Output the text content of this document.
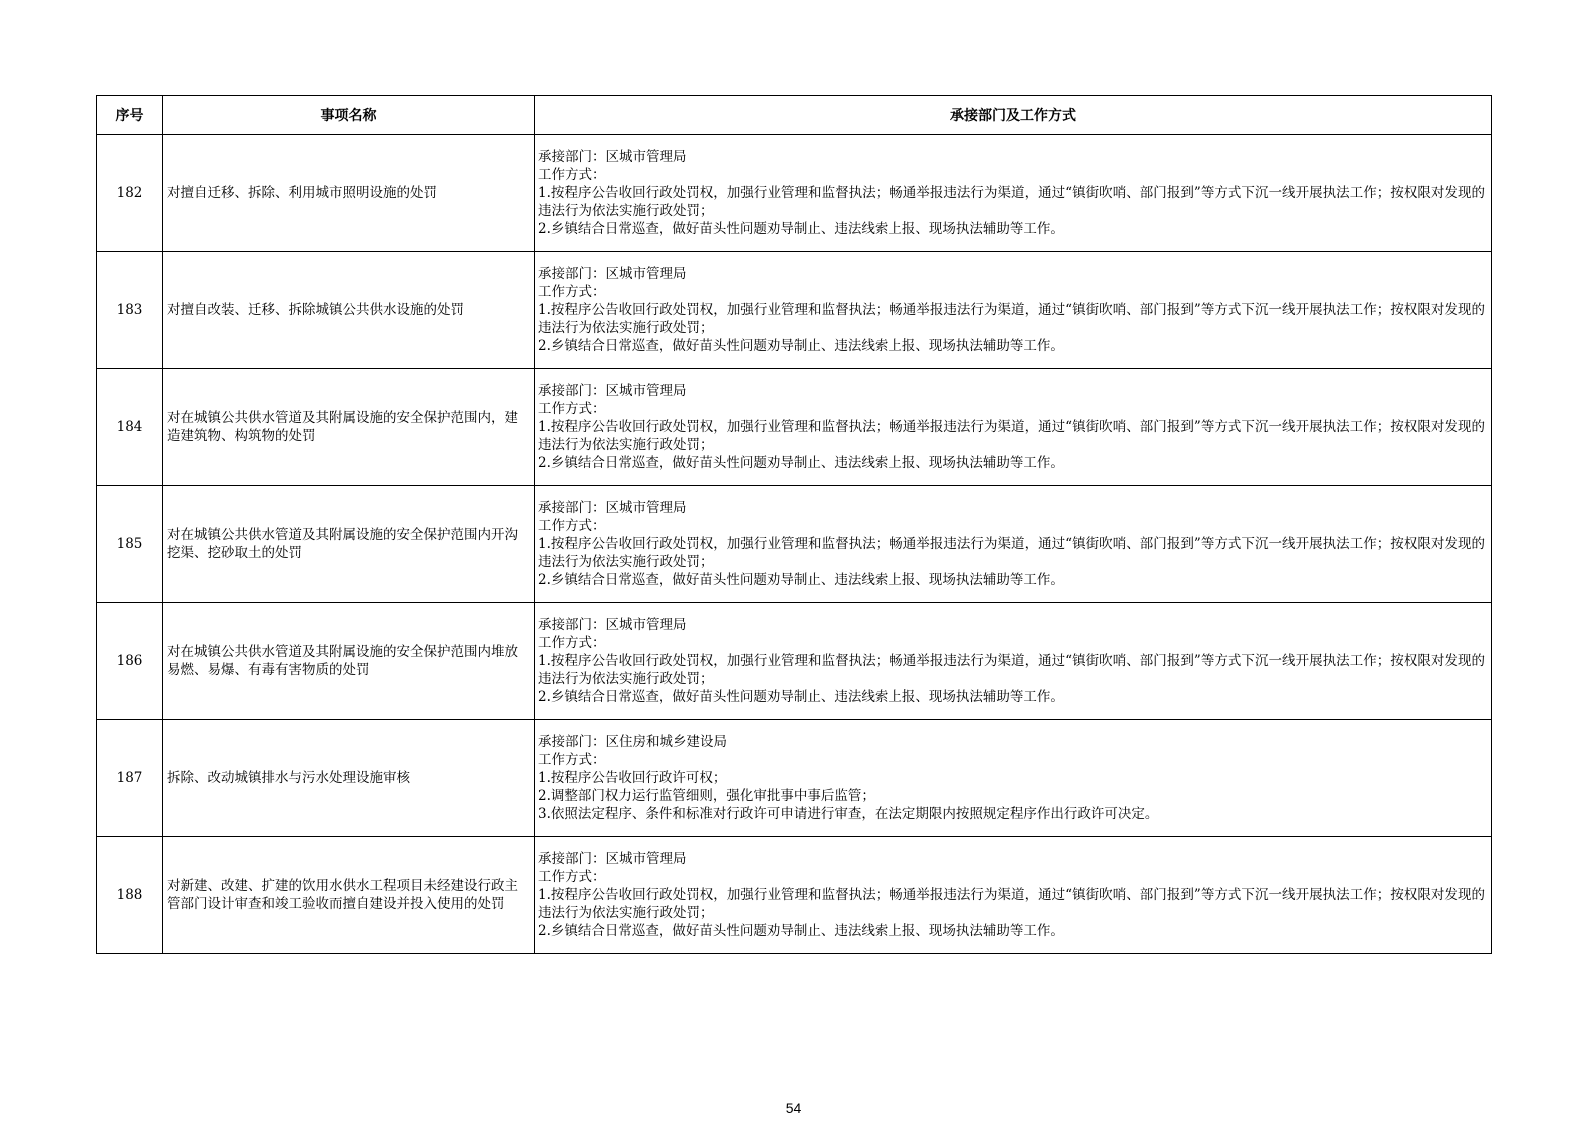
序号	事项名称	承接部门及工作方式
182	对擅自迁移、拆除、利用城市照明设施的处罚	承接部门：区城市管理局
工作方式：
1.按程序公告收回行政处罚权，加强行业管理和监督执法；畅通举报违法行为渠道，通过“镇街吹哨、部门报到”等方式下沉一线开展执法工作；按权限对发现的违法行为依法实施行政处罚；
2.乡镇结合日常巡查，做好苗头性问题劝导制止、违法线索上报、现场执法辅助等工作。

183	对擅自改装、迁移、拆除城镇公共供水设施的处罚	承接部门：区城市管理局
工作方式：
1.按程序公告收回行政处罚权，加强行业管理和监督执法；畅通举报违法行为渠道，通过“镇街吹哨、部门报到”等方式下沉一线开展执法工作；按权限对发现的违法行为依法实施行政处罚；
2.乡镇结合日常巡查，做好苗头性问题劝导制止、违法线索上报、现场执法辅助等工作。

184	对在城镇公共供水管道及其附属设施的安全保护范围内，建造建筑物、构筑物的处罚	承接部门：区城市管理局
工作方式：
1.按程序公告收回行政处罚权，加强行业管理和监督执法；畅通举报违法行为渠道，通过“镇街吹哨、部门报到”等方式下沉一线开展执法工作；按权限对发现的违法行为依法实施行政处罚；
2.乡镇结合日常巡查，做好苗头性问题劝导制止、违法线索上报、现场执法辅助等工作。

185	对在城镇公共供水管道及其附属设施的安全保护范围内开沟挖渠、挖砂取土的处罚	承接部门：区城市管理局
工作方式：
1.按程序公告收回行政处罚权，加强行业管理和监督执法；畅通举报违法行为渠道，通过“镇街吹哨、部门报到”等方式下沉一线开展执法工作；按权限对发现的违法行为依法实施行政处罚；
2.乡镇结合日常巡查，做好苗头性问题劝导制止、违法线索上报、现场执法辅助等工作。

186	对在城镇公共供水管道及其附属设施的安全保护范围内堆放易燃、易爆、有毒有害物质的处罚	承接部门：区城市管理局
工作方式：
1.按程序公告收回行政处罚权，加强行业管理和监督执法；畅通举报违法行为渠道，通过“镇街吹哨、部门报到”等方式下沉一线开展执法工作；按权限对发现的违法行为依法实施行政处罚；
2.乡镇结合日常巡查，做好苗头性问题劝导制止、违法线索上报、现场执法辅助等工作。

187	拆除、改动城镇排水与污水处理设施审核	承接部门：区住房和城乡建设局
工作方式：
1.按程序公告收回行政许可权；
2.调整部门权力运行监管细则，强化审批事中事后监管；
3.依照法定程序、条件和标准对行政许可申请进行审查，在法定期限内按照规定程序作出行政许可决定。

188	对新建、改建、扩建的饮用水供水工程项目未经建设行政主管部门设计审查和竣工验收而擅自建设并投入使用的处罚	承接部门：区城市管理局
工作方式：
1.按程序公告收回行政处罚权，加强行业管理和监督执法；畅通举报违法行为渠道，通过“镇街吹哨、部门报到”等方式下沉一线开展执法工作；按权限对发现的违法行为依法实施行政处罚；
2.乡镇结合日常巡查，做好苗头性问题劝导制止、违法线索上报、现场执法辅助等工作。
54
